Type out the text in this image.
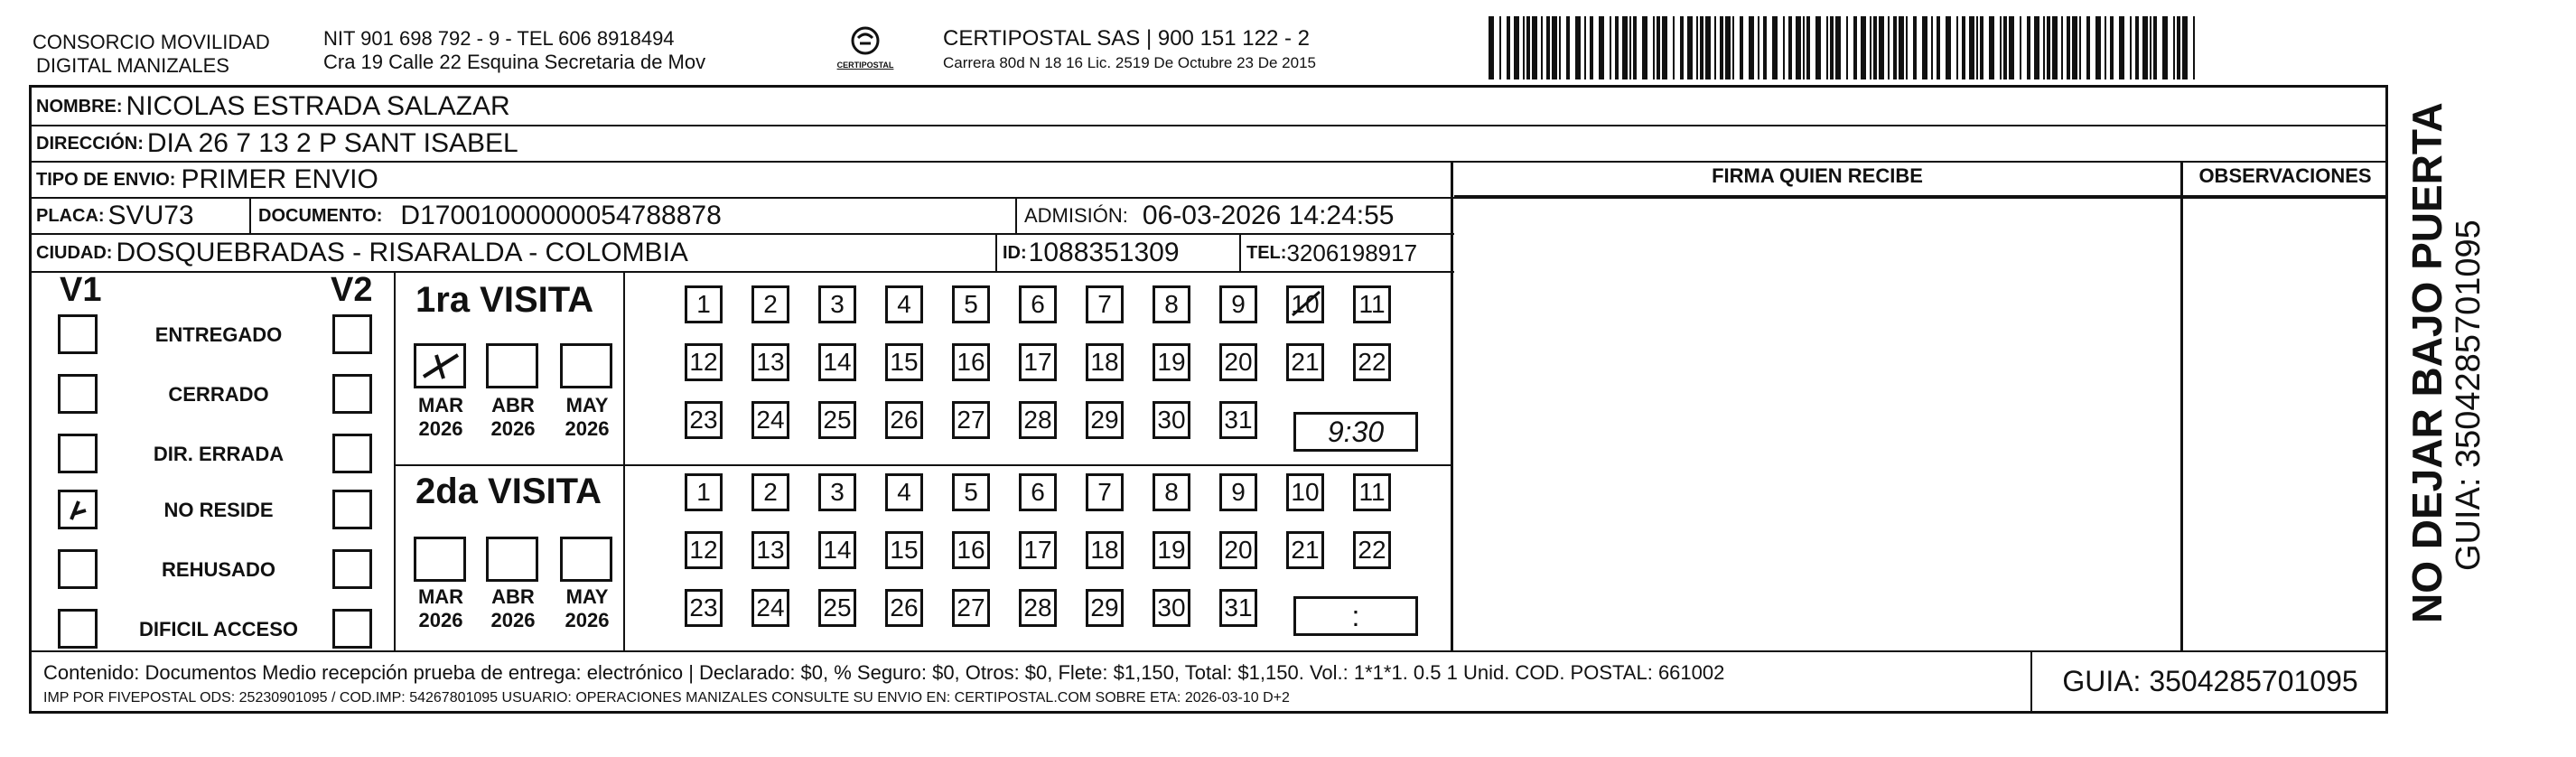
CONSORCIO MOVILIDAD
DIGITAL MANIZALES
NIT 901 698 792 - 9 - TEL 606 8918494
Cra 19 Calle 22 Esquina Secretaria de Mov	CERTIPOSTAL
CERTIPOSTAL SAS | 900 151 122 - 2
Carrera 80d N 18 16 Lic. 2519 De Octubre 23 De 2015
NOMBRE: NICOLAS ESTRADA SALAZAR
DIRECCIÓN: DIA 26 7 13 2 P SANT ISABEL
TIPO DE ENVIO: PRIMER ENVIO
PLACA: SVU73	DOCUMENTO: D17001000000054788878	ADMISIÓN: 06-03-2026 14:24:55
CIUDAD: DOSQUEBRADAS - RISARALDA - COLOMBIA	ID: 1088351309	TEL: 3206198917
FIRMA QUIEN RECIBE	OBSERVACIONES
V1	V2
ENTREGADO
CERRADO
DIR. ERRADA
NO RESIDE
REHUSADO
DIFICIL ACCESO
1ra VISITA
2da VISITA
MAR
2026
ABR
2026
MAY
2026
MAR
2026
ABR
2026
MAY
2026
1	2	3	4	5	6	7	8	9	10 11
12 13 14 15 16 17 18 19 20 21 22
23 24 25 26 27 28 29 30 31
1	2	3	4	5	6	7	8	9	10 11
12 13 14 15 16 17 18 19 20 21 22
23 24 25 26 27 28 29 30 31
9:30
:
Contenido: Documentos Medio recepción prueba de entrega: electrónico | Declarado: $0, % Seguro: $0, Otros: $0, Flete: $1,150, Total: $1,150. Vol.: 1*1*1. 0.5 1 Unid. COD. POSTAL: 661002
IMP POR FIVEPOSTAL ODS: 25230901095 / COD.IMP: 54267801095 USUARIO: OPERACIONES MANIZALES CONSULTE SU ENVIO EN: CERTIPOSTAL.COM SOBRE ETA: 2026-03-10 D+2
GUIA: 3504285701095
NO DEJAR BAJO PUERTA GUIA: 3504285701095
